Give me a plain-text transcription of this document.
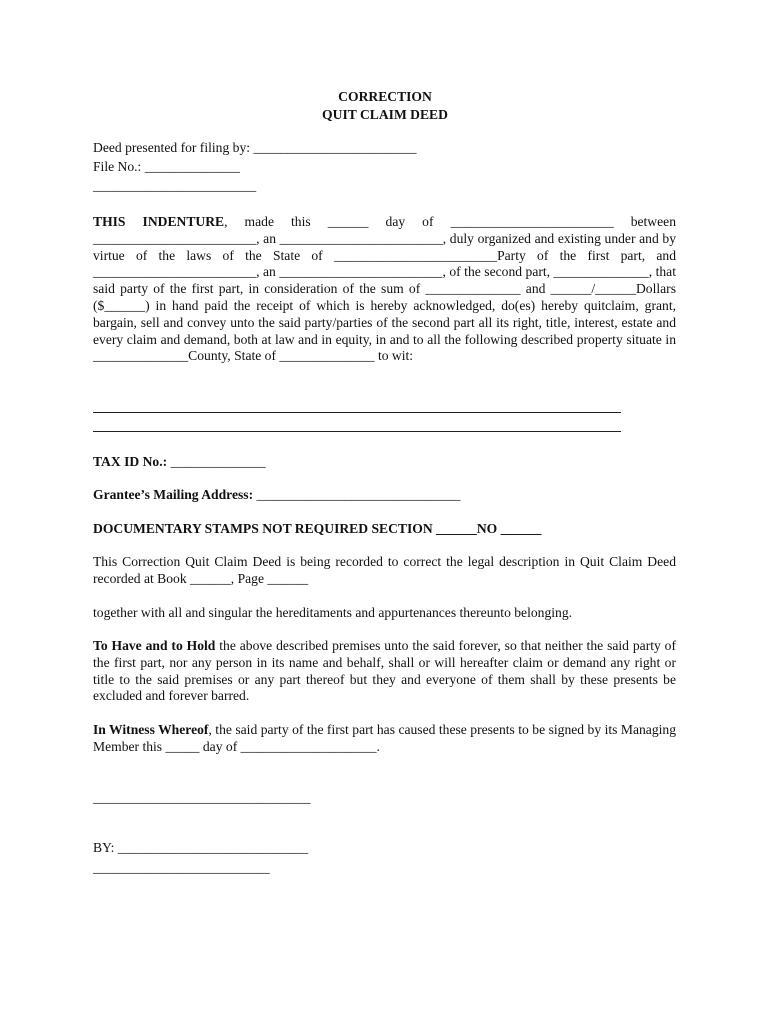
CORRECTION
QUIT CLAIM DEED

Deed presented for filing by: ________________________

File No.: ______________

________________________

THIS INDENTURE, made this ______ day of ________________________ between ________________________, an ________________________, duly organized and existing under and by virtue of the laws of the State of ________________________Party of the first part, and ________________________, an ________________________, of the second part, ______________, that said party of the first part, in consideration of the sum of ______________ and ______/______Dollars ($______) in hand paid the receipt of which is hereby acknowledged, do(es) hereby quitclaim, grant, bargain, sell and convey unto the said party/parties of the second part all its right, title, interest, estate and every claim and demand, both at law and in equity, in and to all the following described property situate in ______________County, State of ______________ to wit:

TAX ID No.: ______________

Grantee’s Mailing Address: ______________________________

DOCUMENTARY STAMPS NOT REQUIRED SECTION ______NO ______

This Correction Quit Claim Deed is being recorded to correct the legal description in Quit Claim Deed recorded at Book ______, Page ______

together with all and singular the hereditaments and appurtenances thereunto belonging.

To Have and to Hold the above described premises unto the said forever, so that neither the said party of the first part, nor any person in its name and behalf, shall or will hereafter claim or demand any right or title to the said premises or any part thereof but they and everyone of them shall by these presents be excluded and forever barred.

In Witness Whereof, the said party of the first part has caused these presents to be signed by its Managing Member this _____ day of ____________________.

________________________________

BY: ____________________________

__________________________
